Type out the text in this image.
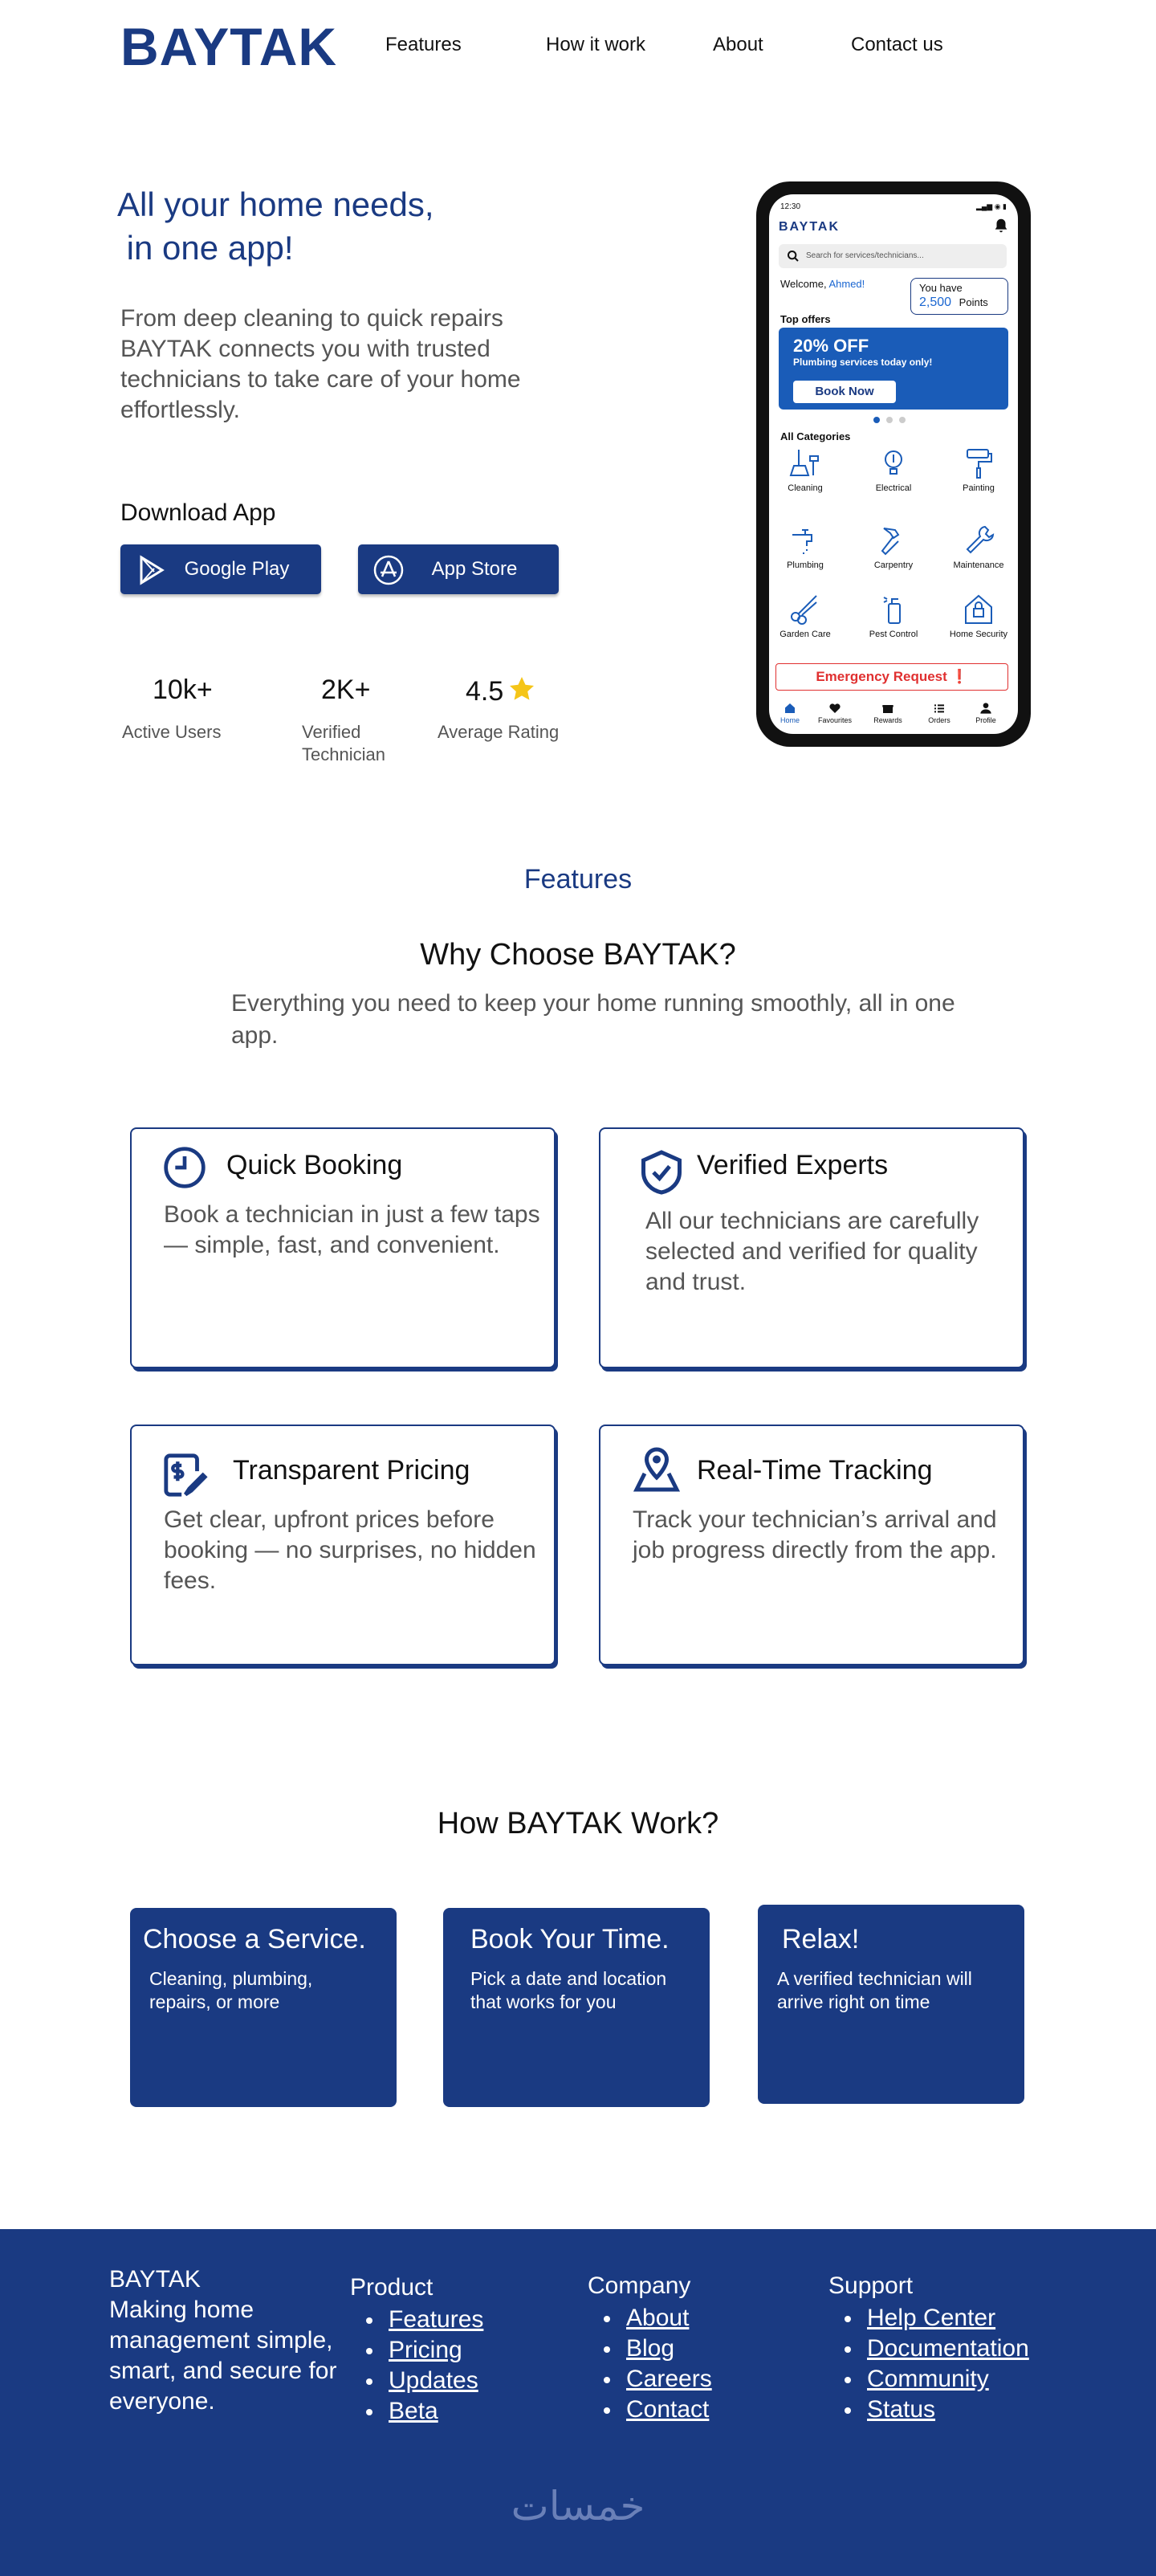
BAYTAK Features	How it work	About	Contact us
All your home needs,
in one app!

From deep cleaning to quick repairs BAYTAK connects you with trusted technicians to take care of your home effortlessly.

Download App
Google Play	App Store
10k+
Active Users
2K+
Verified Technician
4.5
Average Rating
12:30	▂▄▆ ◉ ▮
BAYTAK
Search for services/technicians...
Welcome, Ahmed!	You have
2,500 Points
Top offers
20% OFF
Plumbing services today only!
Book Now
All Categories
Cleaning	Electrical	Painting
Plumbing	Carpentry	Maintenance
Garden Care	Pest Control	Home Security
Emergency Request ❗
Home	Favourites	Rewards	Orders	Profile
Features
Why Choose BAYTAK?

Everything you need to keep your home running smoothly, all in one app.

Quick Booking
Book a technician in just a few taps — simple, fast, and convenient.
Verified Experts
All our technicians are carefully selected and verified for quality and trust.
Transparent Pricing
Get clear, upfront prices before booking — no surprises, no hidden fees.
Real-Time Tracking
Track your technician’s arrival and job progress directly from the app.
How BAYTAK Work?
Choose a Service.
Cleaning, plumbing, repairs, or more
Book Your Time.
Pick a date and location that works for you
Relax!
A verified technician will arrive right on time
BAYTAK
Making home management simple, smart, and secure for everyone.
Product
Features
Pricing
Updates
Beta
Company
About
Blog
Careers
Contact
Support
Help Center
Documentation
Community
Status
خمسات
